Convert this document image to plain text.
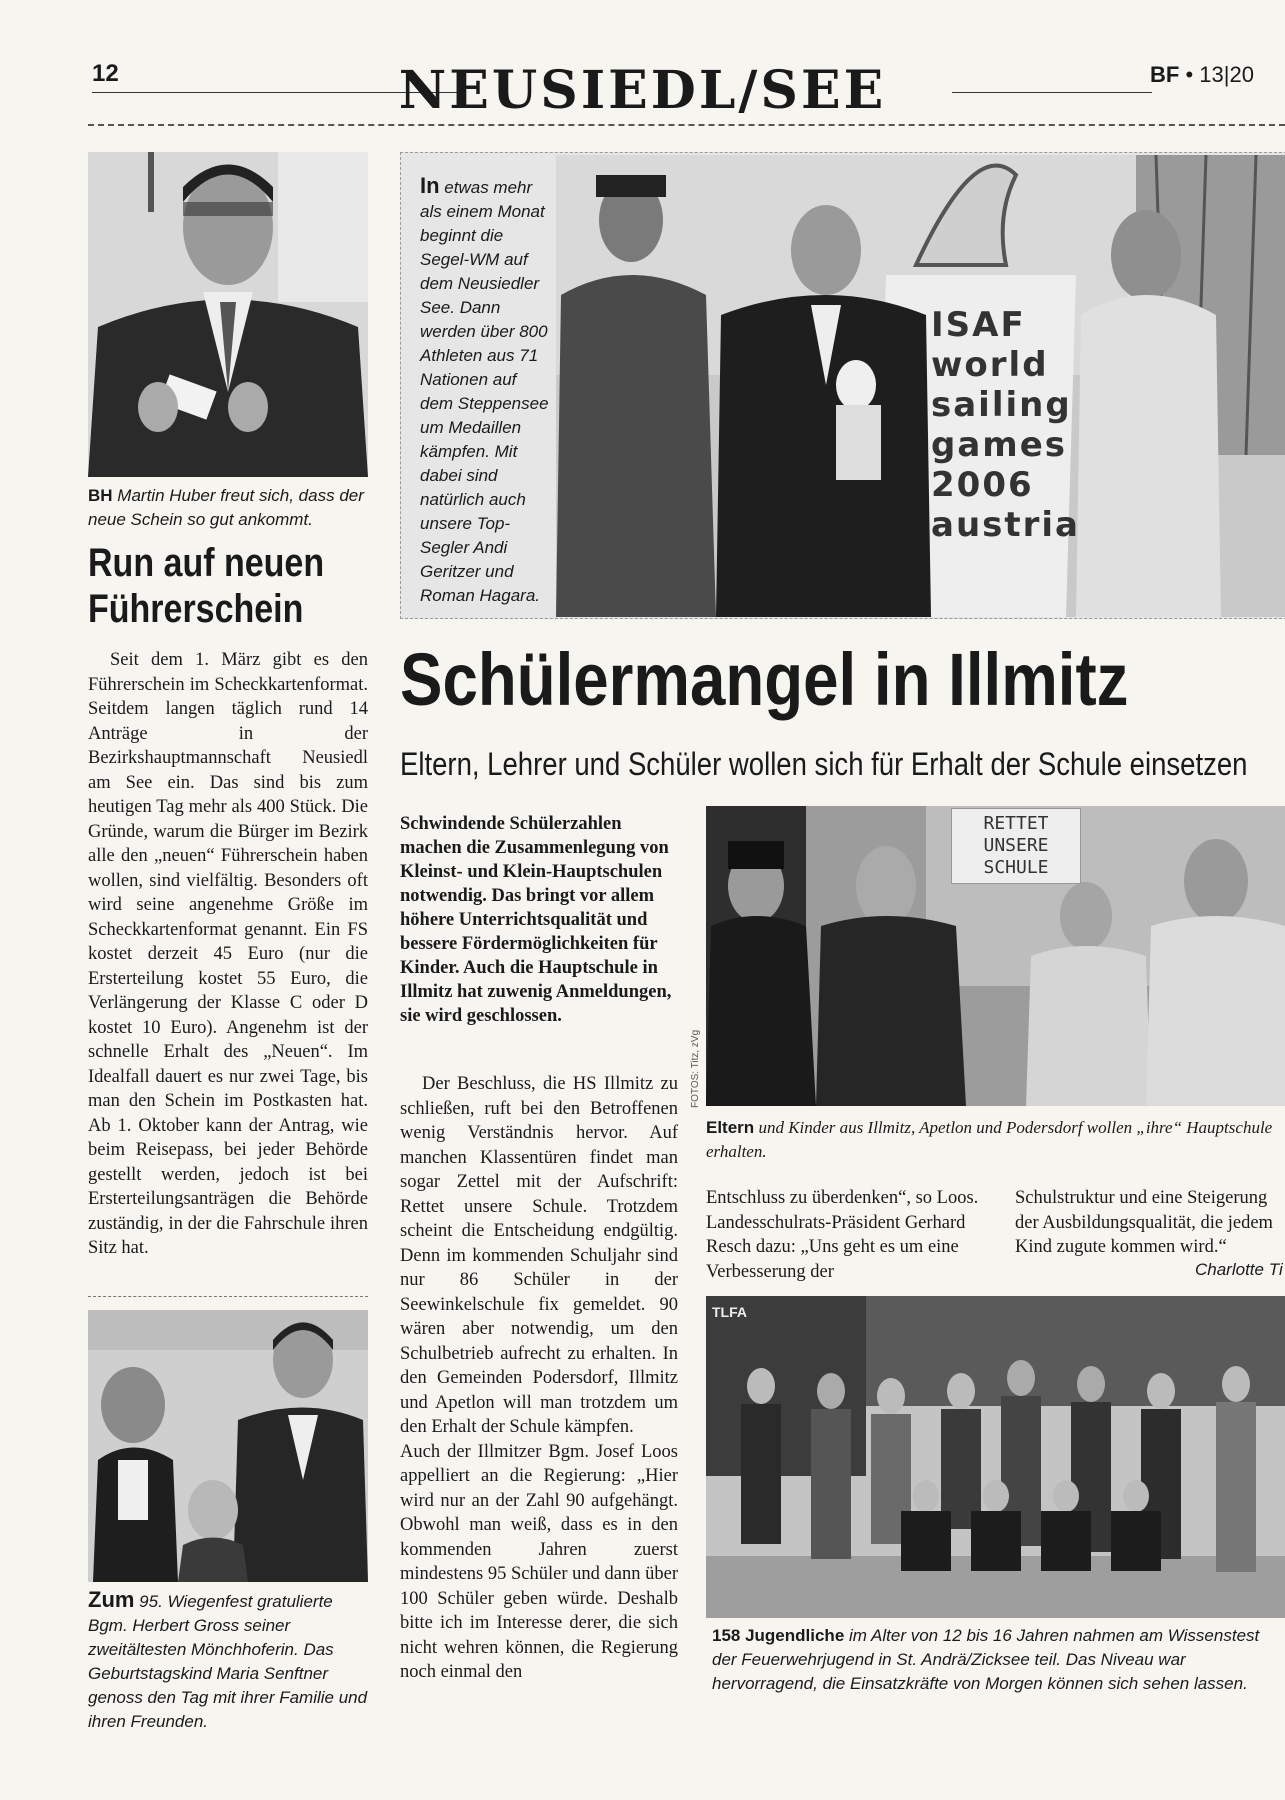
12	NEUSIEDL/SEE	BF • 13|20
BH Martin Huber freut sich, dass der neue Schein so gut ankommt.
Run auf neuen Führerschein
Seit dem 1. März gibt es den Führerschein im Scheckkartenformat. Seitdem langen täglich rund 14 Anträge in der Bezirkshauptmannschaft Neusiedl am See ein. Das sind bis zum heutigen Tag mehr als 400 Stück. Die Gründe, warum die Bürger im Bezirk alle den „neuen“ Führerschein haben wollen, sind vielfältig. Besonders oft wird seine angenehme Größe im Scheckkartenformat genannt. Ein FS kostet derzeit 45 Euro (nur die Ersterteilung kostet 55 Euro, die Verlängerung der Klasse C oder D kostet 10 Euro). Angenehm ist der schnelle Erhalt des „Neuen“. Im Idealfall dauert es nur zwei Tage, bis man den Schein im Postkasten hat. Ab 1. Oktober kann der Antrag, wie beim Reisepass, bei jeder Behörde gestellt werden, jedoch ist bei Ersterteilungsanträgen die Behörde zuständig, in der die Fahrschule ihren Sitz hat.
Zum 95. Wiegenfest gratulierte Bgm. Herbert Gross seiner zweitältesten Mönchhoferin. Das Geburtstagskind Maria Senftner genoss den Tag mit ihrer Familie und ihren Freunden.
In etwas mehr als einem Monat beginnt die Segel-WM auf dem Neusiedler See. Dann werden über 800 Athleten aus 71 Nationen auf dem Steppensee um Medaillen kämpfen. Mit dabei sind natürlich auch unsere Top-Segler Andi Geritzer und Roman Hagara.
ISAF
world
sailing
games
2006
austria
Schülermangel in Illmitz
Eltern, Lehrer und Schüler wollen sich für Erhalt der Schule einsetzen
Schwindende Schülerzahlen machen die Zusammenlegung von Kleinst- und Klein-Hauptschulen notwendig. Das bringt vor allem höhere Unterrichtsqualität und bessere Fördermöglichkeiten für Kinder. Auch die Hauptschule in Illmitz hat zuwenig Anmeldungen, sie wird geschlossen.
Der Beschluss, die HS Illmitz zu schließen, ruft bei den Betroffenen wenig Verständnis hervor. Auf manchen Klassentüren findet man sogar Zettel mit der Aufschrift: Rettet unsere Schule. Trotzdem scheint die Entscheidung endgültig. Denn im kommenden Schuljahr sind nur 86 Schüler in der Seewinkelschule fix gemeldet. 90 wären aber notwendig, um den Schulbetrieb aufrecht zu erhalten. In den Gemeinden Podersdorf, Illmitz und Apetlon will man trotzdem um den Erhalt der Schule kämpfen.
Auch der Illmitzer Bgm. Josef Loos appelliert an die Regierung: „Hier wird nur an der Zahl 90 aufgehängt. Obwohl man weiß, dass es in den kommenden Jahren zuerst mindestens 95 Schüler und dann über 100 Schüler geben würde. Deshalb bitte ich im Interesse derer, die sich nicht wehren können, die Regierung noch einmal den
FOTOS: Titz, zVg
RETTET UNSERE SCHULE
Eltern und Kinder aus Illmitz, Apetlon und Podersdorf wollen „ihre“ Hauptschule erhalten.
Entschluss zu überdenken“, so Loos. Landesschulrats-Präsident Gerhard Resch dazu: „Uns geht es um eine Verbesserung der
Schulstruktur und eine Steigerung der Ausbildungsqualität, die jedem Kind zugute kommen wird.“
Charlotte Ti
TLFA
158 Jugendliche im Alter von 12 bis 16 Jahren nahmen am Wissenstest der Feuerwehrjugend in St. Andrä/Zicksee teil. Das Niveau war hervorragend, die Einsatzkräfte von Morgen können sich sehen lassen.
